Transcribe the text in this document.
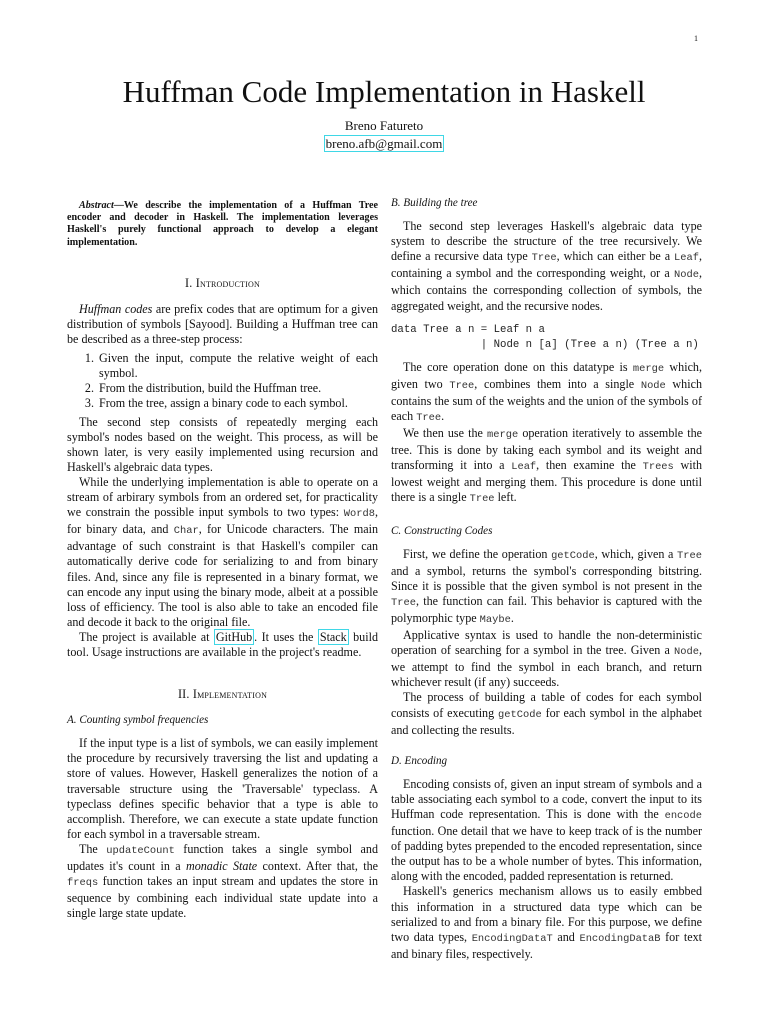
1
Huffman Code Implementation in Haskell
Breno Fatureto
breno.afb@gmail.com

Abstract—We describe the implementation of a Huffman Tree encoder and decoder in Haskell. The implementation leverages Haskell's purely functional approach to develop a elegant implementation.

I. Introduction

Huffman codes are prefix codes that are optimum for a given distribution of symbols [Sayood]. Building a Huffman tree can be described as a three-step process:

1. Given the input, compute the relative weight of each symbol.
2. From the distribution, build the Huffman tree.
3. From the tree, assign a binary code to each symbol.

The second step consists of repeatedly merging each symbol's nodes based on the weight. This process, as will be shown later, is very easily implemented using recursion and Haskell's algebraic data types.

While the underlying implementation is able to operate on a stream of arbirary symbols from an ordered set, for practicality we constrain the possible input symbols to two types: Word8, for binary data, and Char, for Unicode characters. The main advantage of such constraint is that Haskell's compiler can automatically derive code for serializing to and from binary files. And, since any file is represented in a binary format, we can encode any input using the binary mode, albeit at a possible loss of efficiency. The tool is also able to take an encoded file and decode it back to the original file.

The project is available at GitHub . It uses the Stack build tool. Usage instructions are available in the project's readme.

II. Implementation
A. Counting symbol frequencies

If the input type is a list of symbols, we can easily implement the procedure by recursively traversing the list and updating a store of values. However, Haskell generalizes the notion of a traversable structure using the 'Traversable' typeclass. A typeclass defines specific behavior that a type is able to accomplish. Therefore, we can execute a state update function for each symbol in a traversable stream.

The updateCount function takes a single symbol and updates it's count in a monadic State context. After that, the freqs function takes an input stream and updates the store in sequence by combining each individual state update into a single large state update.

B. Building the tree

The second step leverages Haskell's algebraic data type system to describe the structure of the tree recursively. We define a recursive data type Tree, which can either be a Leaf, containing a symbol and the corresponding weight, or a Node, which contains the corresponding collection of symbols, the aggregated weight, and the recursive nodes.

data Tree a n = Leaf n a
| Node n [a] (Tree a n) (Tree a n)

The core operation done on this datatype is merge which, given two Tree, combines them into a single Node which contains the sum of the weights and the union of the symbols of each Tree.

We then use the merge operation iteratively to assemble the tree. This is done by taking each symbol and its weight and transforming it into a Leaf, then examine the Trees with lowest weight and merging them. This procedure is done until there is a single Tree left.

C. Constructing Codes

First, we define the operation getCode, which, given a Tree and a symbol, returns the symbol's corresponding bitstring. Since it is possible that the given symbol is not present in the Tree, the function can fail. This behavior is captured with the polymorphic type Maybe.

Applicative syntax is used to handle the non-deterministic operation of searching for a symbol in the tree. Given a Node, we attempt to find the symbol in each branch, and return whichever result (if any) succeeds.

The process of building a table of codes for each symbol consists of executing getCode for each symbol in the alphabet and collecting the results.

D. Encoding

Encoding consists of, given an input stream of symbols and a table associating each symbol to a code, convert the input to its Huffman code representation. This is done with the encode function. One detail that we have to keep track of is the number of padding bytes prepended to the encoded representation, since the output has to be a whole number of bytes. This information, along with the encoded, padded representation is returned.

Haskell's generics mechanism allows us to easily embbed this information in a structured data type which can be serialized to and from a binary file. For this purpose, we define two data types, EncodingDataT and EncodingDataB for text and binary files, respectively.
